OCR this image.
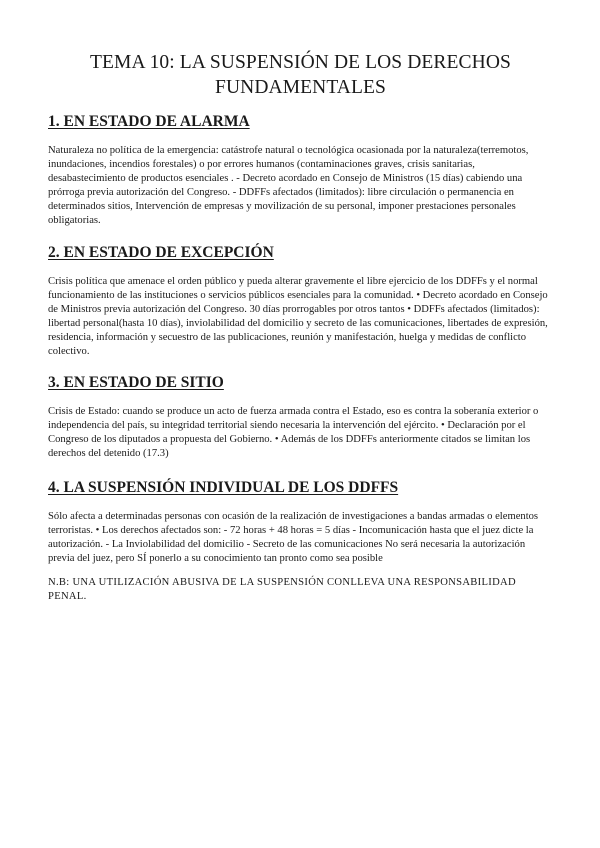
TEMA 10: LA SUSPENSIÓN DE LOS DERECHOS FUNDAMENTALES
1. EN ESTADO DE ALARMA

Naturaleza no política de la emergencia: catástrofe natural o tecnológica ocasionada por la naturaleza(terremotos, inundaciones, incendios forestales) o por errores humanos (contaminaciones graves, crisis sanitarias, desabastecimiento de productos esenciales . - Decreto acordado en Consejo de Ministros (15 días) cabiendo una prórroga previa autorización del Congreso. - DDFFs afectados (limitados): libre circulación o permanencia en determinados sitios, Intervención de empresas y movilización de su personal, imponer prestaciones personales obligatorias.

2. EN ESTADO DE EXCEPCIÓN

Crisis política que amenace el orden público y pueda alterar gravemente el libre ejercicio de los DDFFs y el normal funcionamiento de las instituciones o servicios públicos esenciales para la comunidad. • Decreto acordado en Consejo de Ministros previa autorización del Congreso. 30 días prorrogables por otros tantos • DDFFs afectados (limitados): libertad personal(hasta 10 días), inviolabilidad del domicilio y secreto de las comunicaciones, libertades de expresión, residencia, información y secuestro de las publicaciones, reunión y manifestación, huelga y medidas de conflicto colectivo.

3. EN ESTADO DE SITIO

Crisis de Estado: cuando se produce un acto de fuerza armada contra el Estado, eso es contra la soberanía exterior o independencia del país, su integridad territorial siendo necesaria la intervención del ejército. • Declaración por el Congreso de los diputados a propuesta del Gobierno. • Además de los DDFFs anteriormente citados se limitan los derechos del detenido (17.3)

4. LA SUSPENSIÓN INDIVIDUAL DE LOS DDFFS

Sólo afecta a determinadas personas con ocasión de la realización de investigaciones a bandas armadas o elementos terroristas. • Los derechos afectados son: - 72 horas + 48 horas = 5 días - Incomunicación hasta que el juez dicte la autorización. - La Inviolabilidad del domicilio - Secreto de las comunicaciones No será necesaria la autorización previa del juez, pero SÍ ponerlo a su conocimiento tan pronto como sea posible

N.B: UNA UTILIZACIÓN ABUSIVA DE LA SUSPENSIÓN CONLLEVA UNA RESPONSABILIDAD PENAL.
